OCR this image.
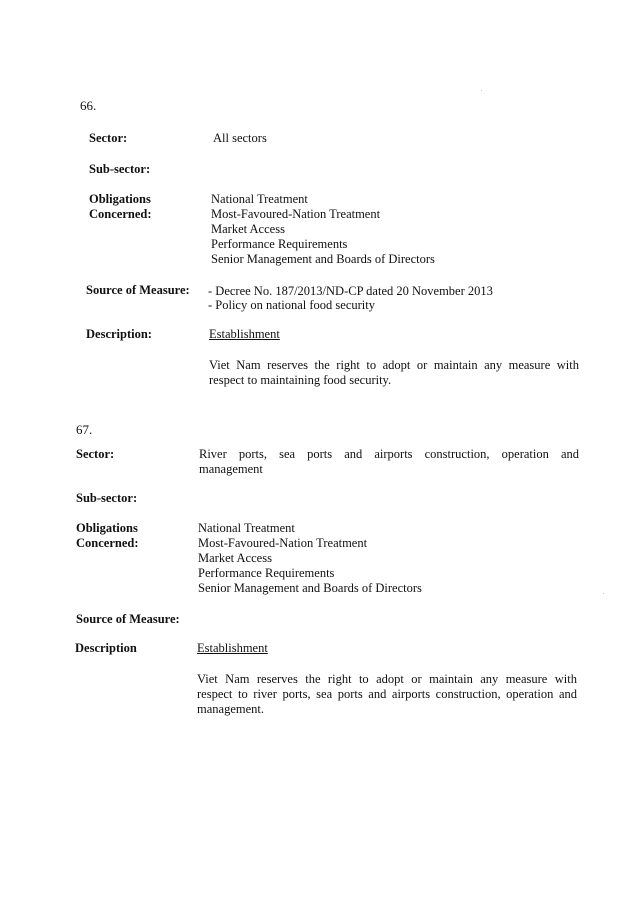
66.
Sector:	All sectors
Sub-sector:
Obligations
Concerned:
National Treatment
Most-Favoured-Nation Treatment
Market Access
Performance Requirements
Senior Management and Boards of Directors
Source of Measure: - Decree No. 187/2013/ND-CP dated 20 November 2013
- Policy on national food security
Description:	Establishment
Viet Nam reserves the right to adopt or maintain any measure with
respect to maintaining food security.
67.
Sector:	River ports, sea ports and airports construction, operation and
management
Sub-sector:
Obligations
Concerned:
National Treatment
Most-Favoured-Nation Treatment
Market Access
Performance Requirements
Senior Management and Boards of Directors
Source of Measure:
Description	Establishment
Viet Nam reserves the right to adopt or maintain any measure with
respect to river ports, sea ports and airports construction, operation and
management.
